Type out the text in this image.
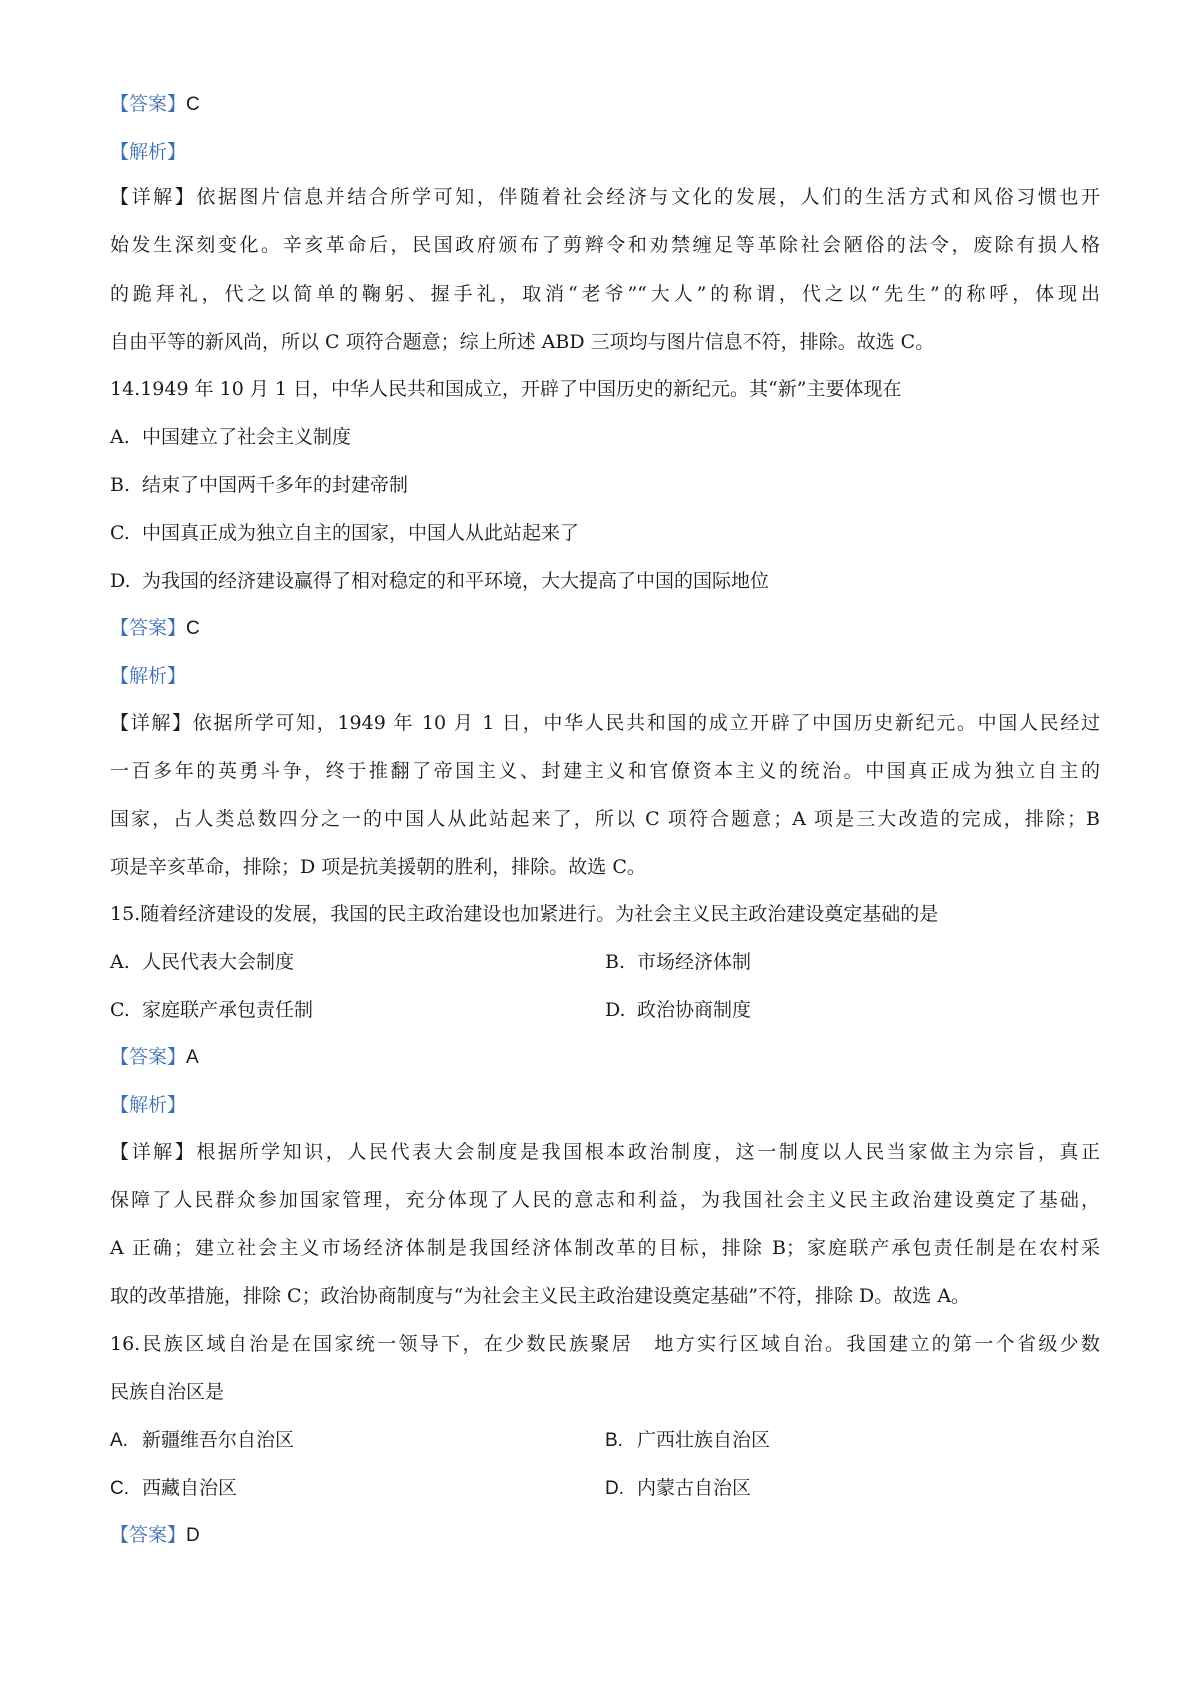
【答案】C

【解析】

【详解】依据图片信息并结合所学可知，伴随着社会经济与文化的发展，人们的生活方式和风俗习惯也开

始发生深刻变化。辛亥革命后，民国政府颁布了剪辫令和劝禁缠足等革除社会陋俗的法令，废除有损人格

的跪拜礼，代之以简单的鞠躬、握手礼，取消“老爷”“大人”的称谓，代之以“先生”的称呼，体现出

自由平等的新风尚，所以 C 项符合题意；综上所述 ABD 三项均与图片信息不符，排除。故选 C。

14.1949 年 10 月 1 日，中华人民共和国成立，开辟了中国历史的新纪元。其“新”主要体现在

A. 中国建立了社会主义制度

B. 结束了中国两千多年的封建帝制

C. 中国真正成为独立自主的国家，中国人从此站起来了

D. 为我国的经济建设赢得了相对稳定的和平环境，大大提高了中国的国际地位

【答案】C

【解析】

【详解】依据所学可知，1949 年 10 月 1 日，中华人民共和国的成立开辟了中国历史新纪元。中国人民经过

一百多年的英勇斗争，终于推翻了帝国主义、封建主义和官僚资本主义的统治。中国真正成为独立自主的

国家，占人类总数四分之一的中国人从此站起来了，所以 C 项符合题意；A 项是三大改造的完成，排除；B

项是辛亥革命，排除；D 项是抗美援朝的胜利，排除。故选 C。

15.随着经济建设的发展，我国的民主政治建设也加紧进行。为社会主义民主政治建设奠定基础的是

A. 人民代表大会制度	B. 市场经济体制

C. 家庭联产承包责任制	D. 政治协商制度

【答案】A

【解析】

【详解】根据所学知识，人民代表大会制度是我国根本政治制度，这一制度以人民当家做主为宗旨，真正

保障了人民群众参加国家管理，充分体现了人民的意志和利益，为我国社会主义民主政治建设奠定了基础，

A 正确；建立社会主义市场经济体制是我国经济体制改革的目标，排除 B；家庭联产承包责任制是在农村采

取的改革措施，排除 C；政治协商制度与“为社会主义民主政治建设奠定基础”不符，排除 D。故选 A。

16.民族区域自治是在国家统一领导下，在少数民族聚居　地方实行区域自治。我国建立的第一个省级少数

民族自治区是

A. 新疆维吾尔自治区	B. 广西壮族自治区

C. 西藏自治区	D. 内蒙古自治区

【答案】D
